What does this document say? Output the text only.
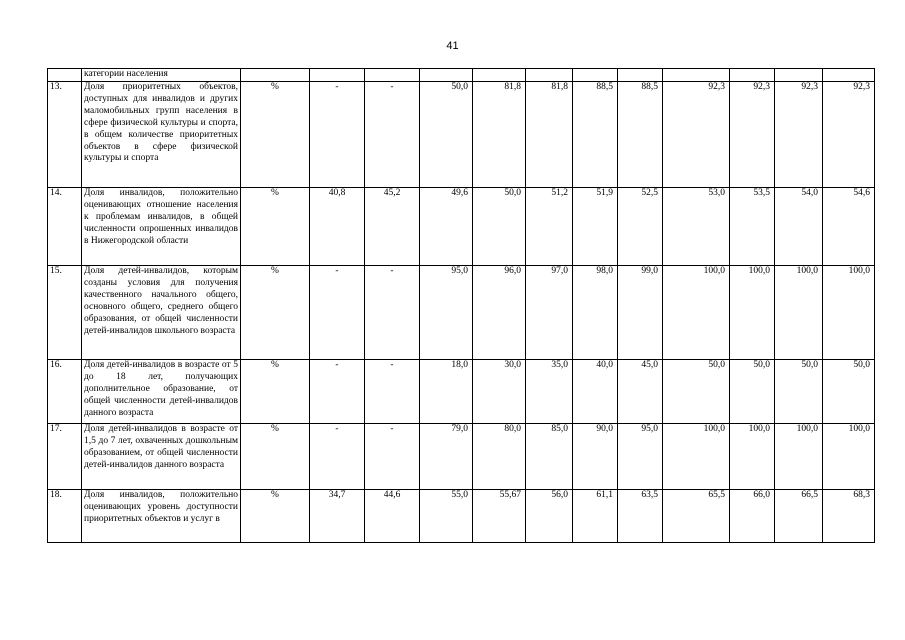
41
	категории населения												
13.	Доля приоритетных объектов, доступных для инвалидов и других маломобильных групп населения в сфере физической культуры и спорта, в общем количестве приоритетных объектов в сфере физической культуры и спорта	%	-	-	50,0	81,8	81,8	88,5	88,5	92,3	92,3	92,3	92,3
14.	Доля инвалидов, положительно оценивающих отношение населения к проблемам инвалидов, в общей численности опрошенных инвалидов в Нижегородской области	%	40,8	45,2	49,6	50,0	51,2	51,9	52,5	53,0	53,5	54,0	54,6
15.	Доля детей-инвалидов, которым созданы условия для получения качественного начального общего, основного общего, среднего общего образования, от общей численности детей-инвалидов школьного возраста	%	-	-	95,0	96,0	97,0	98,0	99,0	100,0	100,0	100,0	100,0
16.	Доля детей-инвалидов в возрасте от 5 до 18 лет, получающих дополнительное образование, от общей численности детей-инвалидов данного возраста	%	-	-	18,0	30,0	35,0	40,0	45,0	50,0	50,0	50,0	50,0
17.	Доля детей-инвалидов в возрасте от 1,5 до 7 лет, охваченных дошкольным образованием, от общей численности детей-инвалидов данного возраста	%	-	-	79,0	80,0	85,0	90,0	95,0	100,0	100,0	100,0	100,0
18.	Доля инвалидов, положительно оценивающих уровень доступности приоритетных объектов и услуг в	%	34,7	44,6	55,0	55,67	56,0	61,1	63,5	65,5	66,0	66,5	68,3
